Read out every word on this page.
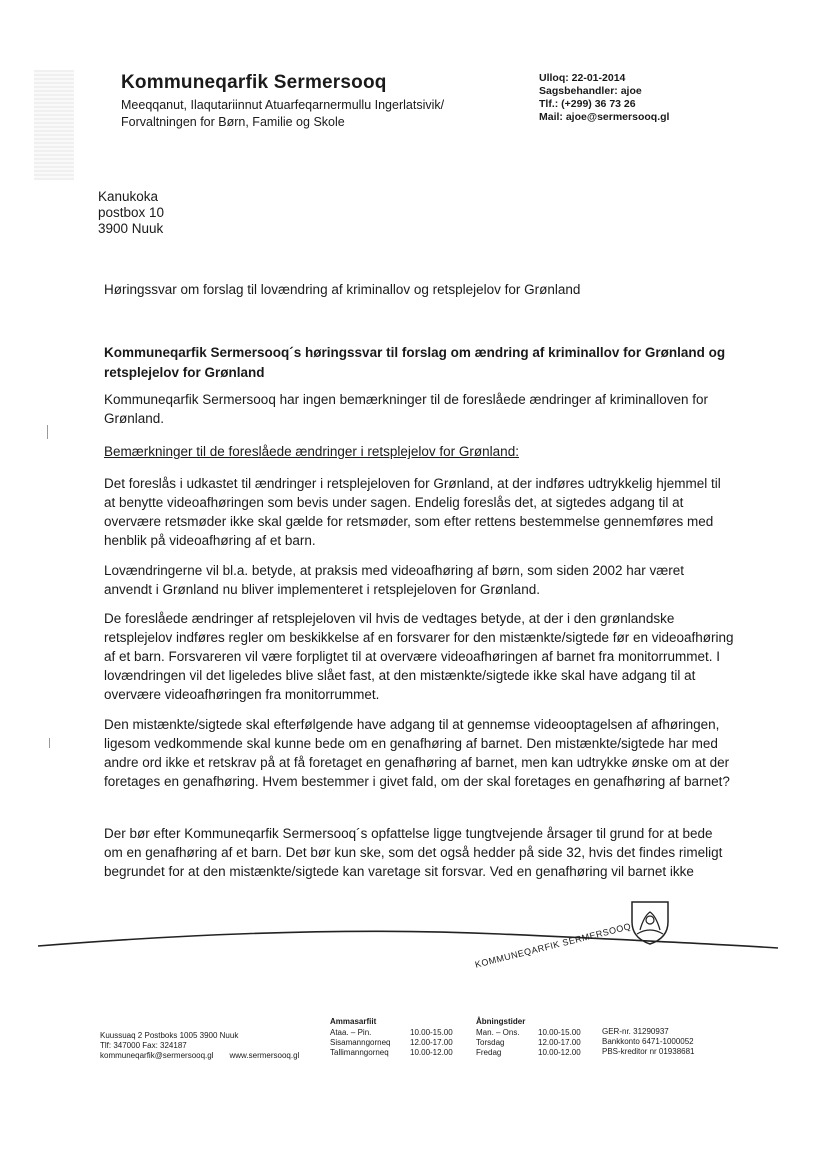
Kommuneqarfik Sermersooq
Meeqqanut, Ilaqutariinnut Atuarfeqarnermullu Ingerlatsivik/
Forvaltningen for Børn, Familie og Skole
Ulloq: 22-01-2014
Sagsbehandler: ajoe
Tlf.: (+299) 36 73 26
Mail: ajoe@sermersooq.gl
Kanukoka
postbox 10
3900 Nuuk
Høringssvar om forslag til lovændring af kriminallov og retsplejelov for Grønland
Kommuneqarfik Sermersooq´s høringssvar til forslag om ændring af kriminallov for Grønland og retsplejelov for Grønland
Kommuneqarfik Sermersooq har ingen bemærkninger til de foreslåede ændringer af kriminalloven for Grønland.
Bemærkninger til de foreslåede ændringer i retsplejelov for Grønland:
Det foreslås i udkastet til ændringer i retsplejeloven for Grønland, at der indføres udtrykkelig hjemmel til at benytte videoafhøringen som bevis under sagen. Endelig foreslås det, at sigtedes adgang til at overvære retsmøder ikke skal gælde for retsmøder, som efter rettens bestemmelse gennemføres med henblik på videoafhøring af et barn.
Lovændringerne vil bl.a. betyde, at praksis med videoafhøring af børn, som siden 2002 har været anvendt i Grønland nu bliver implementeret i retsplejeloven for Grønland.
De foreslåede ændringer af retsplejeloven vil hvis de vedtages betyde, at der i den grønlandske retsplejelov indføres regler om beskikkelse af en forsvarer for den mistænkte/sigtede før en videoafhøring af et barn. Forsvareren vil være forpligtet til at overvære videoafhøringen af barnet fra monitorrummet. I lovændringen vil det ligeledes blive slået fast, at den mistænkte/sigtede ikke skal have adgang til at overvære videoafhøringen fra monitorrummet.
Den mistænkte/sigtede skal efterfølgende have adgang til at gennemse videooptagelsen af afhøringen, ligesom vedkommende skal kunne bede om en genafhøring af barnet. Den mistænkte/sigtede har med andre ord ikke et retskrav på at få foretaget en genafhøring af barnet, men kan udtrykke ønske om at der foretages en genafhøring. Hvem bestemmer i givet fald, om der skal foretages en genafhøring af barnet?
Der bør efter Kommuneqarfik Sermersooq´s opfattelse ligge tungtvejende årsager til grund for at bede om en genafhøring af et barn. Det bør kun ske, som det også hedder på side 32, hvis det findes rimeligt begrundet for at den mistænkte/sigtede kan varetage sit forsvar. Ved en genafhøring vil barnet ikke
KOMMUNEQARFIK SERMERSOOQ
Kuussuaq 2 Postboks 1005 3900 Nuuk
Tlf: 347000 Fax: 324187
kommuneqarfik@sermersooq.gl www.sermersooq.gl
Ammasarfiit
Ataa. – Pin.
Sisamanngorneq
Tallimanngorneq
10.00-15.00
12.00-17.00
10.00-12.00
Åbningstider
Man. – Ons.
Torsdag
Fredag
10.00-15.00
12.00-17.00
10.00-12.00
GER-nr. 31290937
Bankkonto 6471-1000052
PBS-kreditor nr 01938681
